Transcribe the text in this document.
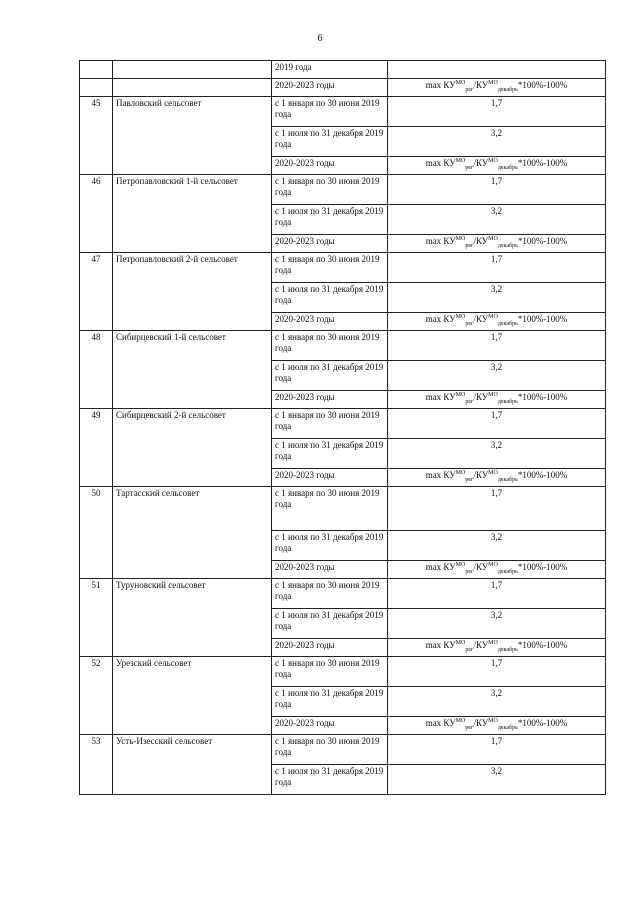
6
		2019 года	
		2020-2023 годы	$\max КУ^{МО}_{рег}/КУ^{МО}_{декабрь}*100\%-100\%$
45	Павловский сельсовет	с 1 января по 30 июня 2019 года	1,7
		с 1 июля по 31 декабря 2019 года	3,2
		2020-2023 годы	$\max КУ^{МО}_{рег}/КУ^{МО}_{декабрь}*100\%-100\%$
46	Петропавловский 1-й сельсовет	с 1 января по 30 июня 2019 года	1,7
		с 1 июля по 31 декабря 2019 года	3,2
		2020-2023 годы	$\max КУ^{МО}_{рег}/КУ^{МО}_{декабрь}*100\%-100\%$
47	Петропавловский 2-й сельсовет	с 1 января по 30 июня 2019 года	1,7
		с 1 июля по 31 декабря 2019 года	3,2
		2020-2023 годы	$\max КУ^{МО}_{рег}/КУ^{МО}_{декабрь}*100\%-100\%$
48	Сибирцевский 1-й сельсовет	с 1 января по 30 июня 2019 года	1,7
		с 1 июля по 31 декабря 2019 года	3,2
		2020-2023 годы	$\max КУ^{МО}_{рег}/КУ^{МО}_{декабрь}*100\%-100\%$
49	Сибирцевский 2-й сельсовет	с 1 января по 30 июня 2019 года	1,7
		с 1 июля по 31 декабря 2019 года	3,2
		2020-2023 годы	$\max КУ^{МО}_{рег}/КУ^{МО}_{декабрь}*100\%-100\%$
50	Тартасский сельсовет	с 1 января по 30 июня 2019 года	1,7
		с 1 июля по 31 декабря 2019 года	3,2
		2020-2023 годы	$\max КУ^{МО}_{рег}/КУ^{МО}_{декабрь}*100\%-100\%$
51	Туруновский сельсовет	с 1 января по 30 июня 2019 года	1,7
		с 1 июля по 31 декабря 2019 года	3,2
		2020-2023 годы	$\max КУ^{МО}_{рег}/КУ^{МО}_{декабрь}*100\%-100\%$
52	Урезский сельсовет	с 1 января по 30 июня 2019 года	1,7
		с 1 июля по 31 декабря 2019 года	3,2
		2020-2023 годы	$\max КУ^{МО}_{рег}/КУ^{МО}_{декабрь}*100\%-100\%$
53	Усть-Изесский сельсовет	с 1 января по 30 июня 2019 года	1,7
		с 1 июля по 31 декабря 2019 года	3,2
